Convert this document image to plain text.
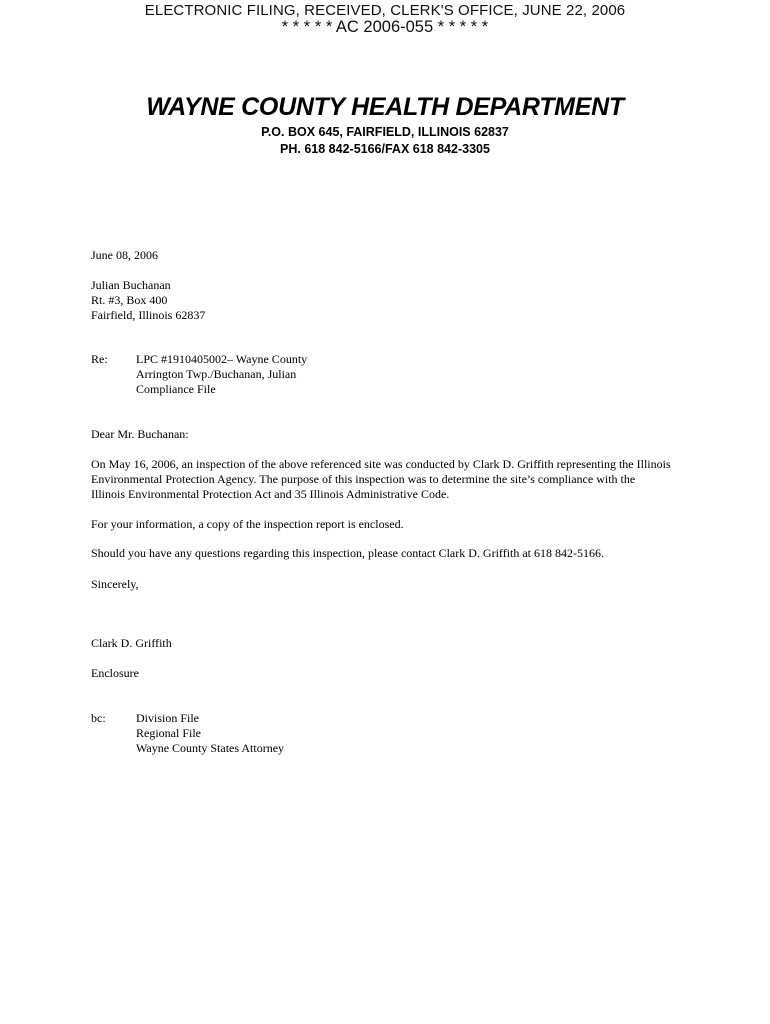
ELECTRONIC FILING, RECEIVED, CLERK'S OFFICE, JUNE 22, 2006
* * * * * AC 2006-055 * * * * *
WAYNE COUNTY HEALTH DEPARTMENT
P.O. BOX 645, FAIRFIELD, ILLINOIS 62837
PH. 618 842-5166/FAX 618 842-3305
June 08, 2006
Julian Buchanan
Rt. #3, Box 400
Fairfield, Illinois 62837
Re: LPC #1910405002– Wayne County
Arrington Twp./Buchanan, Julian
Compliance File
Dear Mr. Buchanan:
On May 16, 2006, an inspection of the above referenced site was conducted by Clark D. Griffith representing the Illinois Environmental Protection Agency. The purpose of this inspection was to determine the site’s compliance with the Illinois Environmental Protection Act and 35 Illinois Administrative Code.
For your information, a copy of the inspection report is enclosed.
Should you have any questions regarding this inspection, please contact Clark D. Griffith at 618 842-5166.
Sincerely,
Clark D. Griffith
Enclosure
bc:	Division File
Regional File
Wayne County States Attorney
